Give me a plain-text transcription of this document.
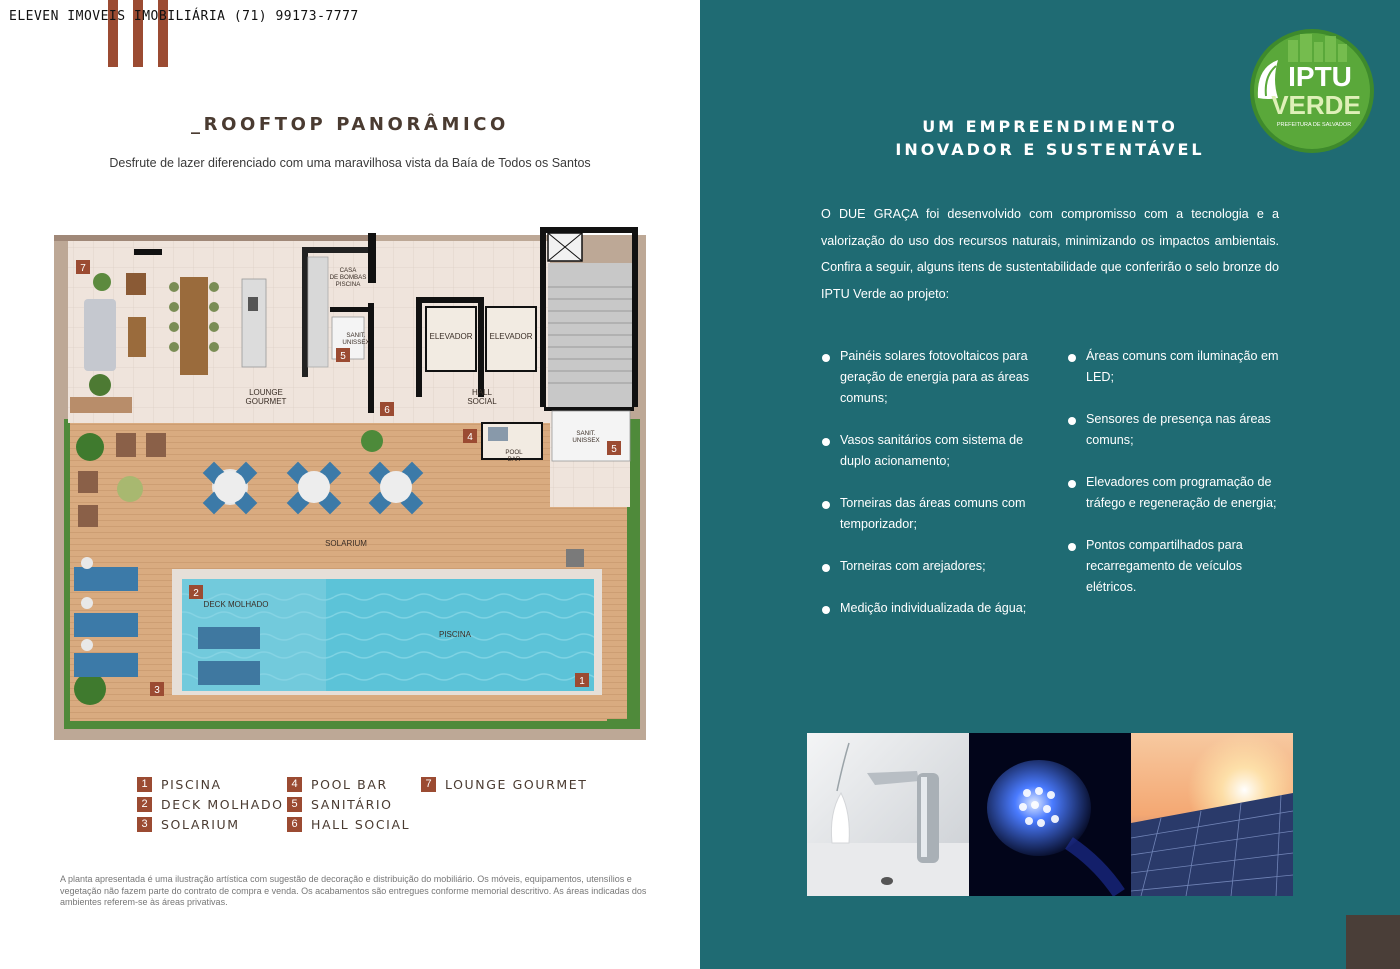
_ROOFTOP PANORÂMICO

Desfrute de lazer diferenciado com uma maravilhosa vista da Baía de Todos os Santos

CASA
DE BOMBAS
PISCINA
SANIT.
UNISSEX
SANIT.
UNISSEX
POOL
BAR
ELEVADOR ELEVADOR
LOUNGE
GOURMET
HALL
SOCIAL
SOLARIUM
DECK MOLHADO
PISCINA
7
5
6
4
5
2
3
1
1	PISCINA
2	DECK MOLHADO
3	SOLARIUM
4	POOL BAR
5	SANITÁRIO
6	HALL SOCIAL
7	LOUNGE GOURMET

A planta apresentada é uma ilustração artística com sugestão de decoração e distribuição do mobiliário. Os móveis, equipamentos, utensílios e vegetação não fazem parte do contrato de compra e venda. Os acabamentos são entregues conforme memorial descritivo. As áreas indicadas dos ambientes referem-se às áreas privativas.

IPTU
VERDE
PREFEITURA DE SALVADOR
UM EMPREENDIMENTO
INOVADOR E SUSTENTÁVEL

O DUE GRAÇA foi desenvolvido com compromisso com a tecnologia e a valorização do uso dos recursos naturais, minimizando os impactos ambientais. Confira a seguir, alguns itens de sustentabilidade que conferirão o selo bronze do IPTU Verde ao projeto:

Painéis solares fotovoltaicos para geração de energia para as áreas comuns;
Vasos sanitários com sistema de duplo acionamento;
Torneiras das áreas comuns com temporizador;
Torneiras com arejadores;
Medição individualizada de água;
Áreas comuns com iluminação em LED;
Sensores de presença nas áreas comuns;
Elevadores com programação de tráfego e regeneração de energia;
Pontos compartilhados para recarregamento de veículos elétricos.
ELEVEN IMOVEIS IMOBILIÁRIA (71) 99173-7777
